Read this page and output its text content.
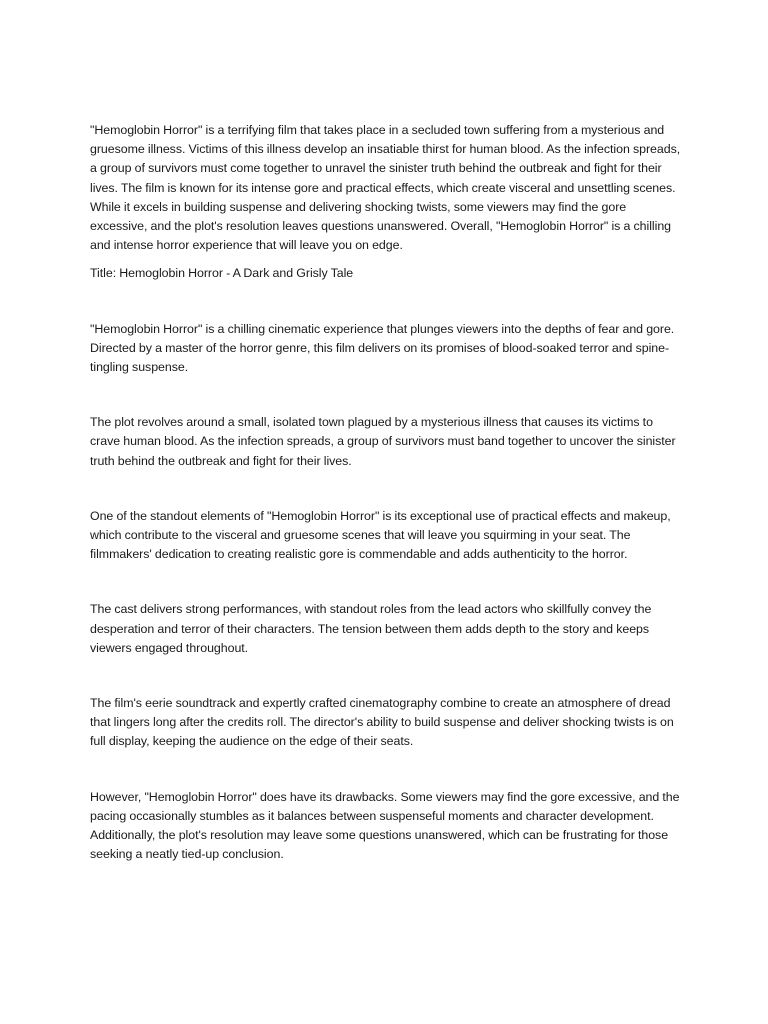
"Hemoglobin Horror" is a terrifying film that takes place in a secluded town suffering from a mysterious and gruesome illness. Victims of this illness develop an insatiable thirst for human blood. As the infection spreads, a group of survivors must come together to unravel the sinister truth behind the outbreak and fight for their lives. The film is known for its intense gore and practical effects, which create visceral and unsettling scenes. While it excels in building suspense and delivering shocking twists, some viewers may find the gore excessive, and the plot's resolution leaves questions unanswered. Overall, "Hemoglobin Horror" is a chilling and intense horror experience that will leave you on edge.

Title: Hemoglobin Horror - A Dark and Grisly Tale

"Hemoglobin Horror" is a chilling cinematic experience that plunges viewers into the depths of fear and gore. Directed by a master of the horror genre, this film delivers on its promises of blood-soaked terror and spine-tingling suspense.

The plot revolves around a small, isolated town plagued by a mysterious illness that causes its victims to crave human blood. As the infection spreads, a group of survivors must band together to uncover the sinister truth behind the outbreak and fight for their lives.

One of the standout elements of "Hemoglobin Horror" is its exceptional use of practical effects and makeup, which contribute to the visceral and gruesome scenes that will leave you squirming in your seat. The filmmakers' dedication to creating realistic gore is commendable and adds authenticity to the horror.

The cast delivers strong performances, with standout roles from the lead actors who skillfully convey the desperation and terror of their characters. The tension between them adds depth to the story and keeps viewers engaged throughout.

The film's eerie soundtrack and expertly crafted cinematography combine to create an atmosphere of dread that lingers long after the credits roll. The director's ability to build suspense and deliver shocking twists is on full display, keeping the audience on the edge of their seats.

However, "Hemoglobin Horror" does have its drawbacks. Some viewers may find the gore excessive, and the pacing occasionally stumbles as it balances between suspenseful moments and character development. Additionally, the plot's resolution may leave some questions unanswered, which can be frustrating for those seeking a neatly tied-up conclusion.
